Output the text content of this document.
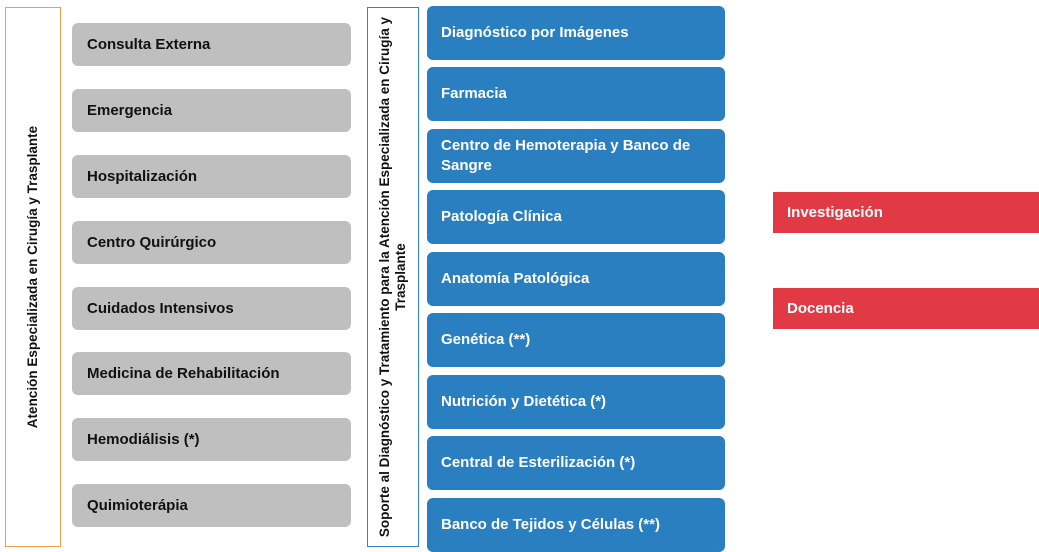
Atención Especializada en Cirugía y Trasplante
Consulta Externa
Emergencia
Hospitalización
Centro Quirúrgico
Cuidados Intensivos
Medicina de Rehabilitación
Hemodiálisis (*)
Quimioterápia	Soporte al Diagnóstico y Tratamiento para la Atención Especializada en Cirugía y Trasplante
Diagnóstico por Imágenes
Farmacia
Centro de Hemoterapia y Banco de Sangre
Patología Clínica
Anatomía Patológica
Genética (**)
Nutrición y Dietética (*)
Central de Esterilización (*)
Banco de Tejidos y Células (**)
Investigación
Docencia
